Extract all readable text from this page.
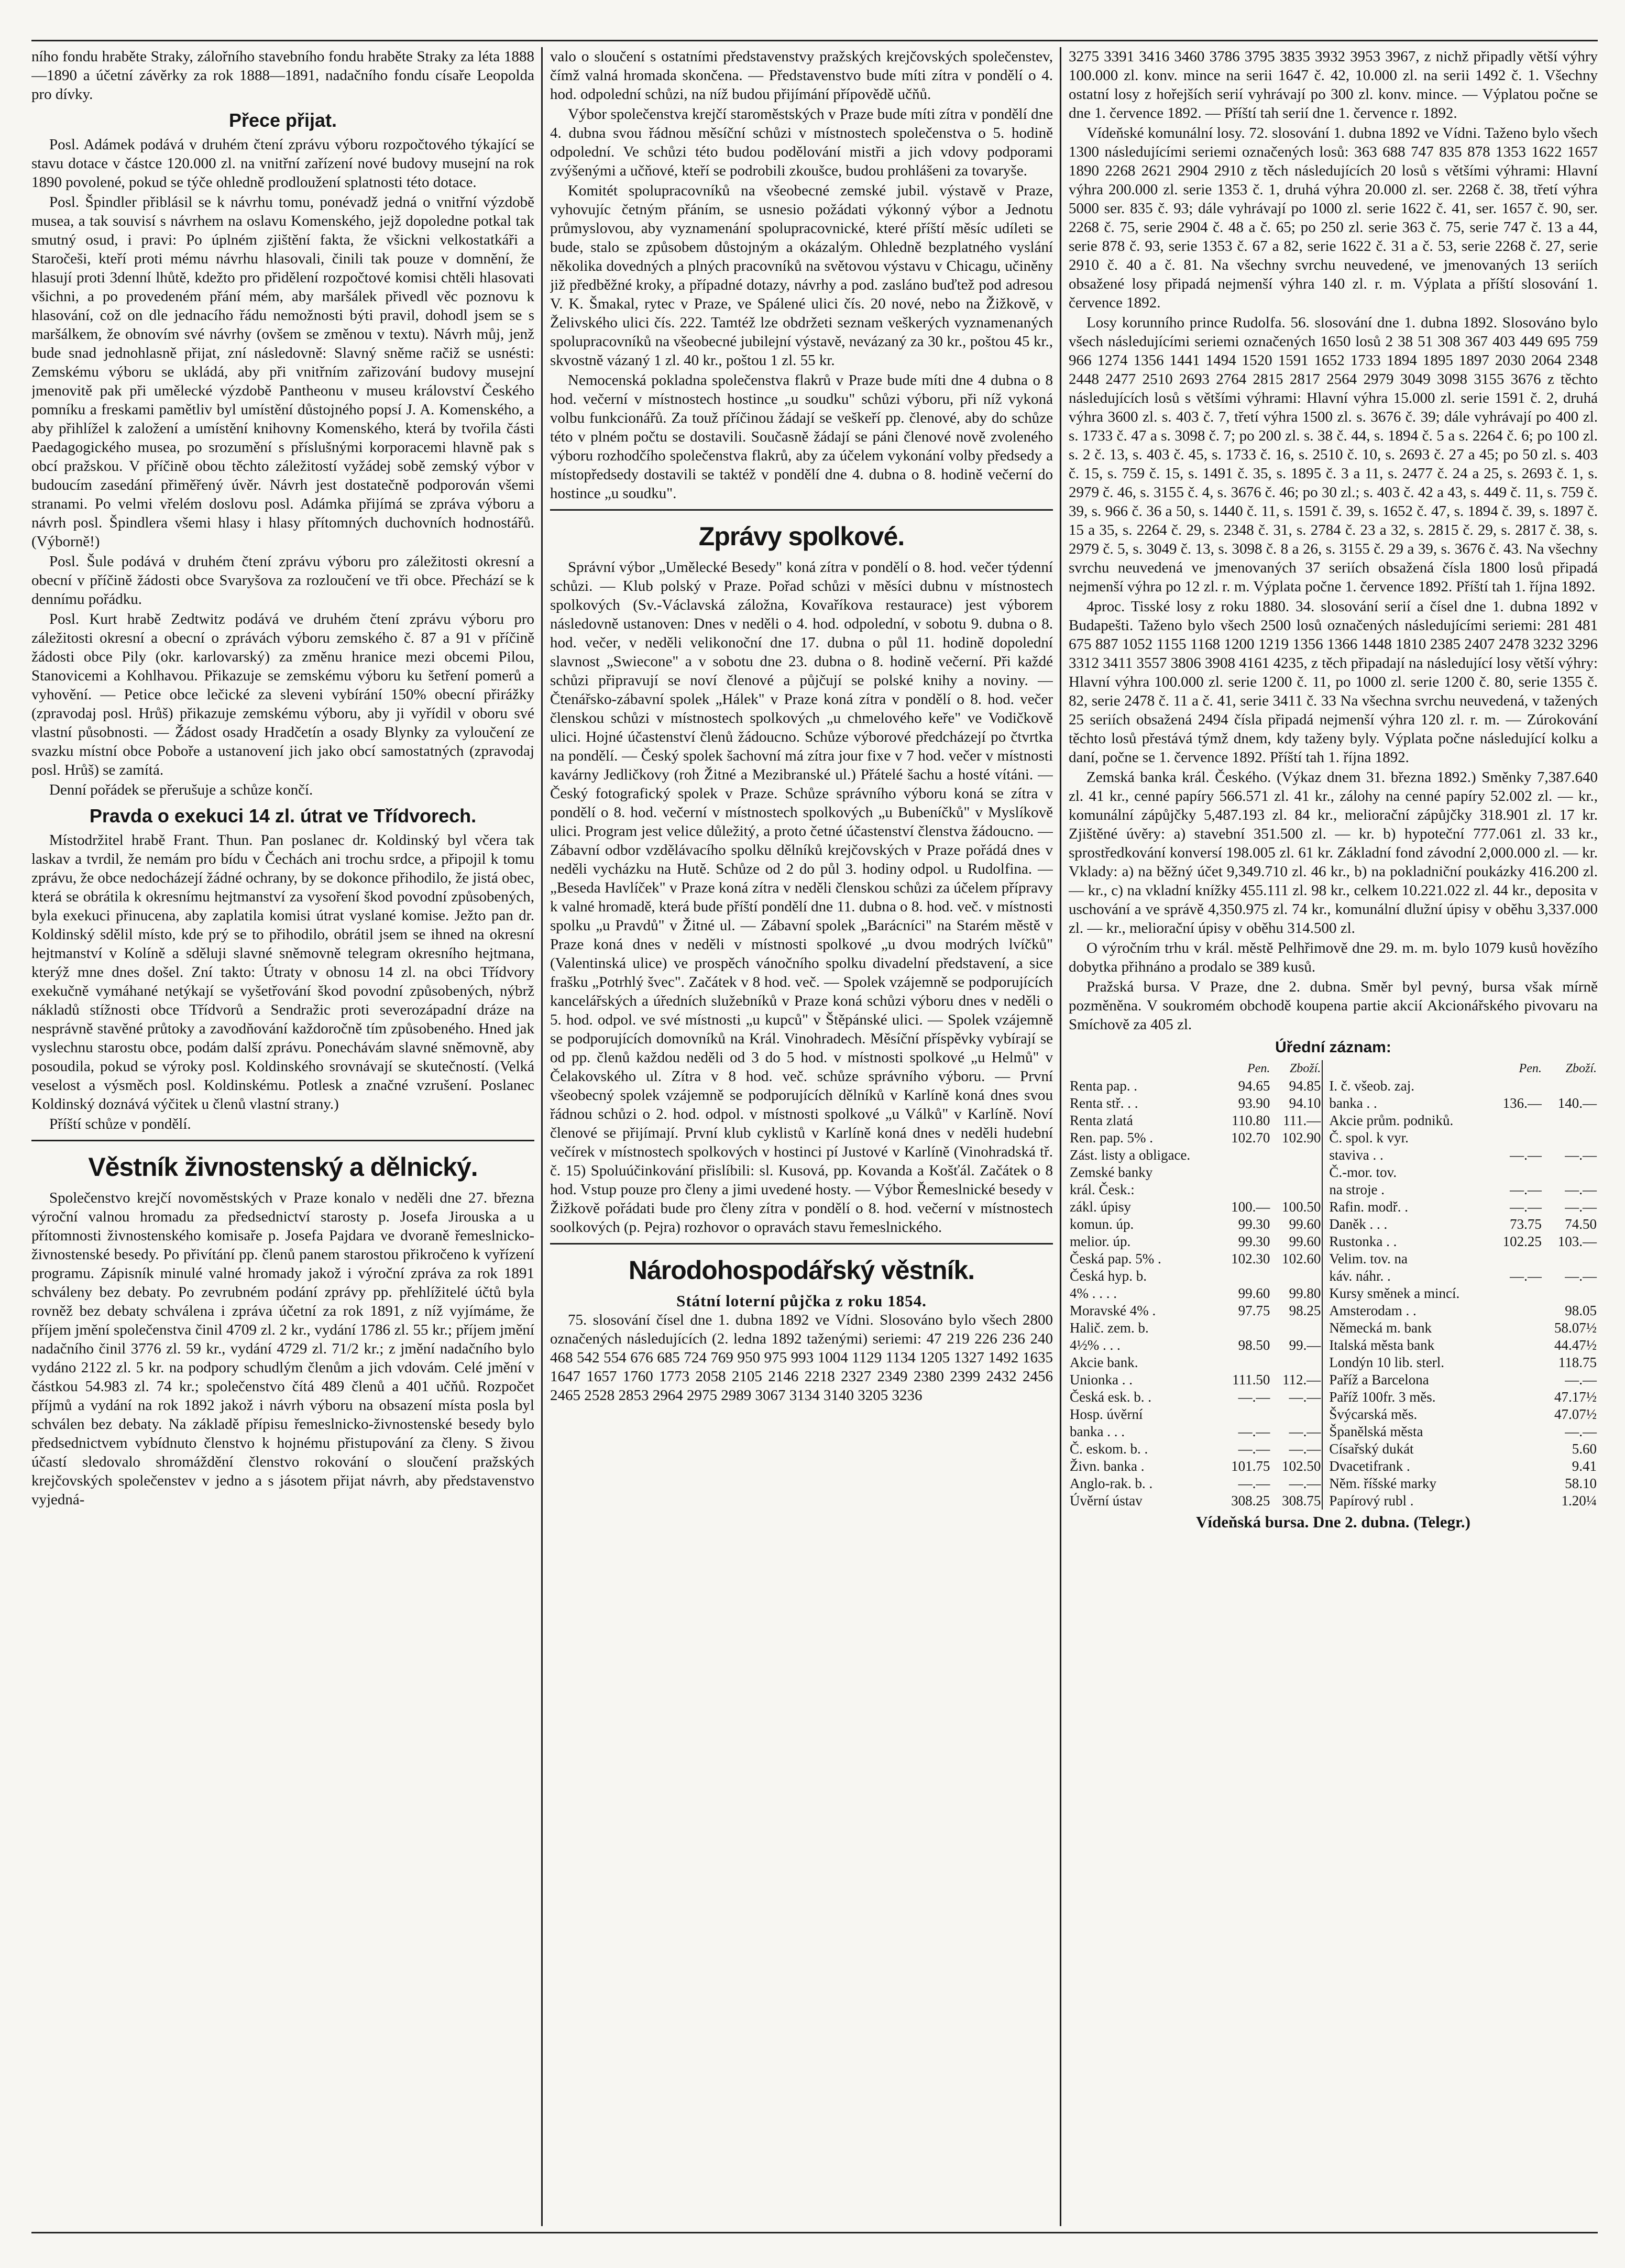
ního fondu hraběte Straky, zálořního stavebního fondu hraběte Straky za léta 1888—1890 a účetní závěrky za rok 1888—1891, nadačního fondu císaře Leopolda pro dívky.

Přece přijat.

Posl. Adámek podává v druhém čtení zprávu výboru rozpočtového týkající se stavu dotace v částce 120.000 zl. na vnitřní zařízení nové budovy musejní na rok 1890 povolené, pokud se týče ohledně prodloužení splatnosti této dotace.

Posl. Špindler přiblásil se k návrhu tomu, ponévadž jedná o vnitřní výzdobě musea, a tak souvisí s návrhem na oslavu Komenského, jejž dopoledne potkal tak smutný osud, i pravi: Po úplném zjištění fakta, že všickni velkostatkáři a Staročeši, kteří proti mému návrhu hlasovali, činili tak pouze v domnění, že hlasují proti 3denní lhůtě, kdežto pro přidělení rozpočtové komisi chtěli hlasovati všichni, a po provedeném přání mém, aby maršálek přivedl věc poznovu k hlasování, což on dle jednacího řádu nemožnosti býti pravil, dohodl jsem se s maršálkem, že obnovím své návrhy (ovšem se změnou v textu). Návrh můj, jenž bude snad jednohlasně přijat, zní následovně: Slavný sněme račiž se usnésti: Zemskému výboru se ukládá, aby při vnitřním zařizování budovy musejní jmenovitě pak při umělecké výzdobě Pantheonu v museu království Českého pomníku a freskami pamětliv byl umístění důstojného popsí J. A. Komenského, a aby přihlížel k založení a umístění knihovny Komenského, která by tvořila části Paedagogického musea, po srozumění s příslušnými korporacemi hlavně pak s obcí pražskou. V příčině obou těchto záležitostí vyžádej sobě zemský výbor v budoucím zasedání přiměřený úvěr. Návrh jest dostatečně podporován všemi stranami. Po velmi vřelém doslovu posl. Adámka přijímá se zpráva výboru a návrh posl. Špindlera všemi hlasy i hlasy přítomných duchovních hodnostářů. (Výborně!)

Posl. Šule podává v druhém čtení zprávu výboru pro záležitosti okresní a obecní v příčině žádosti obce Svaryšova za rozloučení ve tři obce. Přechází se k dennímu pořádku.

Posl. Kurt hrabě Zedtwitz podává ve druhém čtení zprávu výboru pro záležitosti okresní a obecní o zprávách výboru zemského č. 87 a 91 v příčině žádosti obce Pily (okr. karlovarský) za změnu hranice mezi obcemi Pilou, Stanovicemi a Kohlhavou. Přikazuje se zemskému výboru ku šetření pomerů a vyhovění. — Petice obce lečické za sleveni vybírání 150% obecní přirážky (zpravodaj posl. Hrůš) přikazuje zemskému výboru, aby ji vyřídil v oboru své vlastní působnosti. — Žádost osady Hradčetín a osady Blynky za vyloučení ze svazku místní obce Poboře a ustanovení jich jako obcí samostatných (zpravodaj posl. Hrůš) se zamítá.

Denní pořádek se přerušuje a schůze končí.

Pravda o exekuci 14 zl. útrat ve Třídvorech.

Místodržitel hrabě Frant. Thun. Pan poslanec dr. Koldinský byl včera tak laskav a tvrdil, že nemám pro bídu v Čechách ani trochu srdce, a připojil k tomu zprávu, že obce nedocházejí žádné ochrany, by se dokonce přihodilo, že jistá obec, která se obrátila k okresnímu hejtmanství za vysoření škod povodní způsobených, byla exekuci přinucena, aby zaplatila komisi útrat vyslané komise. Ježto pan dr. Koldinský sdělil místo, kde prý se to přihodilo, obrátil jsem se ihned na okresní hejtmanství v Kolíně a sděluji slavné sněmovně telegram okresního hejtmana, kterýž mne dnes došel. Zní takto: Útraty v obnosu 14 zl. na obci Třídvory exekučně vymáhané netýkají se vyšetřování škod povodní způsobených, nýbrž nákladů stížnosti obce Třídvorů a Sendražic proti severozápadní dráze na nesprávně stavěné průtoky a zavodňování každoročně tím způsobeného. Hned jak vyslechnu starostu obce, podám další zprávu. Ponechávám slavné sněmovně, aby posoudila, pokud se výroky posl. Koldinského srovnávají se skutečností. (Velká veselost a výsměch posl. Koldinskému. Potlesk a značné vzrušení. Poslanec Koldinský doznává výčitek u členů vlastní strany.)

Příští schůze v pondělí.

Věstník živnostenský a dělnický.

Společenstvo krejčí novoměstských v Praze konalo v neděli dne 27. března výroční valnou hromadu za předsednictví starosty p. Josefa Jirouska a u přítomnosti živnostenského komisaře p. Josefa Pajdara ve dvoraně řemeslnicko-živnostenské besedy. Po přivítání pp. členů panem starostou přikročeno k vyřízení programu. Zápisník minulé valné hromady jakož i výroční zpráva za rok 1891 schváleny bez debaty. Po zevrubném podání zprávy pp. přehlížitelé účtů byla rovněž bez debaty schválena i zpráva účetní za rok 1891, z níž vyjímáme, že příjem jmění společenstva činil 4709 zl. 2 kr., vydání 1786 zl. 55 kr.; příjem jmění nadačního činil 3776 zl. 59 kr., vydání 4729 zl. 71/2 kr.; z jmění nadačního bylo vydáno 2122 zl. 5 kr. na podpory schudlým členům a jich vdovám. Celé jmění v částkou 54.983 zl. 74 kr.; společenstvo čítá 489 členů a 401 učňů. Rozpočet příjmů a vydání na rok 1892 jakož i návrh výboru na obsazení místa posla byl schválen bez debaty. Na základě přípisu řemeslnicko-živnostenské besedy bylo předsednictvem vybídnuto členstvo k hojnému přistupování za členy. S živou účastí sledovalo shromáždění členstvo rokování o sloučení pražských krejčovských společenstev v jedno a s jásotem přijat návrh, aby představenstvo vyjedná-

valo o sloučení s ostatními představenstvy pražských krejčovských společenstev, čímž valná hromada skončena. — Představenstvo bude míti zítra v pondělí o 4. hod. odpolední schůzi, na níž budou přijímání přípovědě učňů.

Výbor společenstva krejčí staroměstských v Praze bude míti zítra v pondělí dne 4. dubna svou řádnou měsíční schůzi v místnostech společenstva o 5. hodině odpolední. Ve schůzi této budou podělování mistři a jich vdovy podporami zvýšenými a učňové, kteří se podrobili zkoušce, budou prohlášeni za tovaryše.

Komitét spolupracovníků na všeobecné zemské jubil. výstavě v Praze, vyhovujíc četným přáním, se usnesio požádati výkonný výbor a Jednotu průmyslovou, aby vyznamenání spolupracovnické, které příští měsíc udíleti se bude, stalo se způsobem důstojným a okázalým. Ohledně bezplatného vyslání několika dovedných a plných pracovníků na světovou výstavu v Chicagu, učiněny již předběžné kroky, a případné dotazy, návrhy a pod. zasláno buďtež pod adresou V. K. Šmakal, rytec v Praze, ve Spálené ulici čís. 20 nové, nebo na Žižkově, v Želivského ulici čís. 222. Tamtéž lze obdržeti seznam veškerých vyznamenaných spolupracovníků na všeobecné jubilejní výstavě, nevázaný za 30 kr., poštou 45 kr., skvostně vázaný 1 zl. 40 kr., poštou 1 zl. 55 kr.

Nemocenská pokladna společenstva flakrů v Praze bude míti dne 4 dubna o 8 hod. večerní v místnostech hostince „u soudku" schůzi výboru, při níž vykoná volbu funkcionářů. Za touž příčinou žádají se veškeří pp. členové, aby do schůze této v plném počtu se dostavili. Současně žádají se páni členové nově zvoleného výboru rozhodčího společenstva flakrů, aby za účelem vykonání volby předsedy a místopředsedy dostavili se taktéž v pondělí dne 4. dubna o 8. hodině večerní do hostince „u soudku".

Zprávy spolkové.

Správní výbor „Umělecké Besedy" koná zítra v pondělí o 8. hod. večer týdenní schůzi. — Klub polský v Praze. Pořad schůzi v měsíci dubnu v místnostech spolkových (Sv.-Václavská záložna, Kovaříkova restaurace) jest výborem následovně ustanoven: Dnes v neděli o 4. hod. odpolední, v sobotu 9. dubna o 8. hod. večer, v neděli velikonoční dne 17. dubna o půl 11. hodině dopolední slavnost „Swiecone" a v sobotu dne 23. dubna o 8. hodině večerní. Při každé schůzi připravují se noví členové a půjčují se polské knihy a noviny. — Čtenářsko-zábavní spolek „Hálek" v Praze koná zítra v pondělí o 8. hod. večer členskou schůzi v místnostech spolkových „u chmelového keře" ve Vodičkově ulici. Hojné účastenství členů žádoucno. Schůze výborové předcházejí po čtvrtka na pondělí. — Český spolek šachovní má zítra jour fixe v 7 hod. večer v místnosti kavárny Jedličkovy (roh Žitné a Mezibranské ul.) Přátelé šachu a hosté vítáni. — Český fotografický spolek v Praze. Schůze správního výboru koná se zítra v pondělí o 8. hod. večerní v místnostech spolkových „u Bubeníčků" v Myslíkově ulici. Program jest velice důležitý, a proto četné účastenství členstva žádoucno. — Zábavní odbor vzdělávacího spolku dělníků krejčovských v Praze pořádá dnes v neděli vycházku na Hutě. Schůze od 2 do půl 3. hodiny odpol. u Rudolfina. — „Beseda Havlíček" v Praze koná zítra v neděli členskou schůzi za účelem přípravy k valné hromadě, která bude příští pondělí dne 11. dubna o 8. hod. več. v místnosti spolku „u Pravdů" v Žitné ul. — Zábavní spolek „Barácníci" na Starém městě v Praze koná dnes v neděli v místnosti spolkové „u dvou modrých lvíčků" (Valentinská ulice) ve prospěch vánočního spolku divadelní představení, a sice frašku „Potrhlý švec". Začátek v 8 hod. več. — Spolek vzájemně se podporujících kancelářských a úředních služebníků v Praze koná schůzi výboru dnes v neděli o 5. hod. odpol. ve své místnosti „u kupců" v Štěpánské ulici. — Spolek vzájemně se podporujících domovníků na Král. Vinohradech. Měsíční příspěvky vybírají se od pp. členů každou neděli od 3 do 5 hod. v místnosti spolkové „u Helmů" v Čelakovského ul. Zítra v 8 hod. več. schůze správního výboru. — První všeobecný spolek vzájemně se podporujících dělníků v Karlíně koná dnes svou řádnou schůzi o 2. hod. odpol. v místnosti spolkové „u Válků" v Karlíně. Noví členové se přijímají. První klub cyklistů v Karlíně koná dnes v neděli hudební večírek v místnostech spolkových v hostinci pí Justové v Karlíně (Vinohradská tř. č. 15) Spoluúčinkování přislíbili: sl. Kusová, pp. Kovanda a Košťál. Začátek o 8 hod. Vstup pouze pro členy a jimi uvedené hosty. — Výbor Řemeslnické besedy v Žižkově pořádati bude pro členy zítra v pondělí o 8. hod. večerní v místnostech soolkových (p. Pejra) rozhovor o opravách stavu řemeslnického.

Národohospodářský věstník.
Státní loterní půjčka z roku 1854.

75. slosování čísel dne 1. dubna 1892 ve Vídni. Slosováno bylo všech 2800 označených následujících (2. ledna 1892 taženými) seriemi: 47 219 226 236 240 468 542 554 676 685 724 769 950 975 993 1004 1129 1134 1205 1327 1492 1635 1647 1657 1760 1773 2058 2105 2146 2218 2327 2349 2380 2399 2432 2456 2465 2528 2853 2964 2975 2989 3067 3134 3140 3205 3236

3275 3391 3416 3460 3786 3795 3835 3932 3953 3967, z nichž připadly větší výhry 100.000 zl. konv. mince na serii 1647 č. 42, 10.000 zl. na serii 1492 č. 1. Všechny ostatní losy z hořejších serií vyhrávají po 300 zl. konv. mince. — Výplatou počne se dne 1. července 1892. — Příští tah serií dne 1. července r. 1892.

Vídeňské komunální losy. 72. slosování 1. dubna 1892 ve Vídni. Taženo bylo všech 1300 následujícími seriemi označených losů: 363 688 747 835 878 1353 1622 1657 1890 2268 2621 2904 2910 z těch následujících 20 losů s většími výhrami: Hlavní výhra 200.000 zl. serie 1353 č. 1, druhá výhra 20.000 zl. ser. 2268 č. 38, třetí výhra 5000 ser. 835 č. 93; dále vyhrávají po 1000 zl. serie 1622 č. 41, ser. 1657 č. 90, ser. 2268 č. 75, serie 2904 č. 48 a č. 65; po 250 zl. serie 363 č. 75, serie 747 č. 13 a 44, serie 878 č. 93, serie 1353 č. 67 a 82, serie 1622 č. 31 a č. 53, serie 2268 č. 27, serie 2910 č. 40 a č. 81. Na všechny svrchu neuvedené, ve jmenovaných 13 seriích obsažené losy připadá nejmenší výhra 140 zl. r. m. Výplata a příští slosování 1. července 1892.

Losy korunního prince Rudolfa. 56. slosování dne 1. dubna 1892. Slosováno bylo všech následujícími seriemi označených 1650 losů 2 38 51 308 367 403 449 695 759 966 1274 1356 1441 1494 1520 1591 1652 1733 1894 1895 1897 2030 2064 2348 2448 2477 2510 2693 2764 2815 2817 2564 2979 3049 3098 3155 3676 z těchto následujících losů s většími výhrami: Hlavní výhra 15.000 zl. serie 1591 č. 2, druhá výhra 3600 zl. s. 403 č. 7, třetí výhra 1500 zl. s. 3676 č. 39; dále vyhrávají po 400 zl. s. 1733 č. 47 a s. 3098 č. 7; po 200 zl. s. 38 č. 44, s. 1894 č. 5 a s. 2264 č. 6; po 100 zl. s. 2 č. 13, s. 403 č. 45, s. 1733 č. 16, s. 2510 č. 10, s. 2693 č. 27 a 45; po 50 zl. s. 403 č. 15, s. 759 č. 15, s. 1491 č. 35, s. 1895 č. 3 a 11, s. 2477 č. 24 a 25, s. 2693 č. 1, s. 2979 č. 46, s. 3155 č. 4, s. 3676 č. 46; po 30 zl.; s. 403 č. 42 a 43, s. 449 č. 11, s. 759 č. 39, s. 966 č. 36 a 50, s. 1440 č. 11, s. 1591 č. 39, s. 1652 č. 47, s. 1894 č. 39, s. 1897 č. 15 a 35, s. 2264 č. 29, s. 2348 č. 31, s. 2784 č. 23 a 32, s. 2815 č. 29, s. 2817 č. 38, s. 2979 č. 5, s. 3049 č. 13, s. 3098 č. 8 a 26, s. 3155 č. 29 a 39, s. 3676 č. 43. Na všechny svrchu neuvedená ve jmenovaných 37 seriích obsažená čísla 1800 losů připadá nejmenší výhra po 12 zl. r. m. Výplata počne 1. července 1892. Příští tah 1. října 1892.

4proc. Tisské losy z roku 1880. 34. slosování serií a čísel dne 1. dubna 1892 v Budapešti. Taženo bylo všech 2500 losů označených následujícími seriemi: 281 481 675 887 1052 1155 1168 1200 1219 1356 1366 1448 1810 2385 2407 2478 3232 3296 3312 3411 3557 3806 3908 4161 4235, z těch připadají na následující losy větší výhry: Hlavní výhra 100.000 zl. serie 1200 č. 11, po 1000 zl. serie 1200 č. 80, serie 1355 č. 82, serie 2478 č. 11 a č. 41, serie 3411 č. 33 Na všechna svrchu neuvedená, v tažených 25 seriích obsažená 2494 čísla připadá nejmenší výhra 120 zl. r. m. — Zúrokování těchto losů přestává týmž dnem, kdy taženy byly. Výplata počne následující kolku a daní, počne se 1. července 1892. Příští tah 1. října 1892.

Zemská banka král. Českého. (Výkaz dnem 31. března 1892.) Směnky 7,387.640 zl. 41 kr., cenné papíry 566.571 zl. 41 kr., zálohy na cenné papíry 52.002 zl. — kr., komunální zápůjčky 5,487.193 zl. 84 kr., meliorační zápůjčky 318.901 zl. 17 kr. Zjištěné úvěry: a) stavební 351.500 zl. — kr. b) hypoteční 777.061 zl. 33 kr., sprostředkování konversí 198.005 zl. 61 kr. Základní fond závodní 2,000.000 zl. — kr. Vklady: a) na běžný účet 9,349.710 zl. 46 kr., b) na pokladniční poukázky 416.200 zl. — kr., c) na vkladní knížky 455.111 zl. 98 kr., celkem 10.221.022 zl. 44 kr., deposita v uschování a ve správě 4,350.975 zl. 74 kr., komunální dlužní úpisy v oběhu 3,337.000 zl. — kr., meliorační úpisy v oběhu 314.500 zl.

O výročním trhu v král. městě Pelhřimově dne 29. m. m. bylo 1079 kusů hovězího dobytka přihnáno a prodalo se 389 kusů.

Pražská bursa. V Praze, dne 2. dubna. Směr byl pevný, bursa však mírně pozměněna. V soukromém obchodě koupena partie akcií Akcionářského pivovaru na Smíchově za 405 zl.

Úřední záznam:
	Pen.	Zboží.			Pen.	Zboží.
Renta pap. .	94.65	94.85		I. č. všeob. zaj.		
Renta stř. . .	93.90	94.10		banka . .	136.—	140.—
Renta zlatá	110.80	111.—		Akcie prům. podniků.		
Ren. pap. 5% .	102.70	102.90		Č. spol. k vyr.		
Zást. listy a obligace.				staviva . .	—.—	—.—
Zemské banky				Č.-mor. tov.		
král. Česk.:				na stroje .	—.—	—.—
zákl. úpisy	100.—	100.50		Rafin. modř. .	—.—	—.—
komun. úp.	99.30	99.60		Daněk . . .	73.75	74.50
melior. úp.	99.30	99.60		Rustonka . .	102.25	103.—
Česká pap. 5% .	102.30	102.60		Velim. tov. na		
Česká hyp. b.				káv. náhr. .	—.—	—.—
4% . . . .	99.60	99.80		Kursy směnek a mincí.		
Moravské 4% .	97.75	98.25		Amsterodam . .		98.05
Halič. zem. b.				Německá m. bank		58.07½
4½% . . .	98.50	99.—		Italská města bank		44.47½
Akcie bank.				Londýn 10 lib. sterl.		118.75
Unionka . .	111.50	112.—		Paříž a Barcelona		—.—
Česká esk. b. .	—.—	—.—		Paříž 100fr. 3 měs.		47.17½
Hosp. úvěrní				Švýcarská měs.		47.07½
banka . . .	—.—	—.—		Španělská města		—.—
Č. eskom. b. .	—.—	—.—		Císařský dukát		5.60
Živn. banka .	101.75	102.50		Dvacetifrank .		9.41
Anglo-rak. b. .	—.—	—.—		Něm. říšské marky		58.10
Úvěrní ústav	308.25	308.75		Papírový rubl .		1.20¼
Vídeňská bursa. Dne 2. dubna. (Telegr.)
